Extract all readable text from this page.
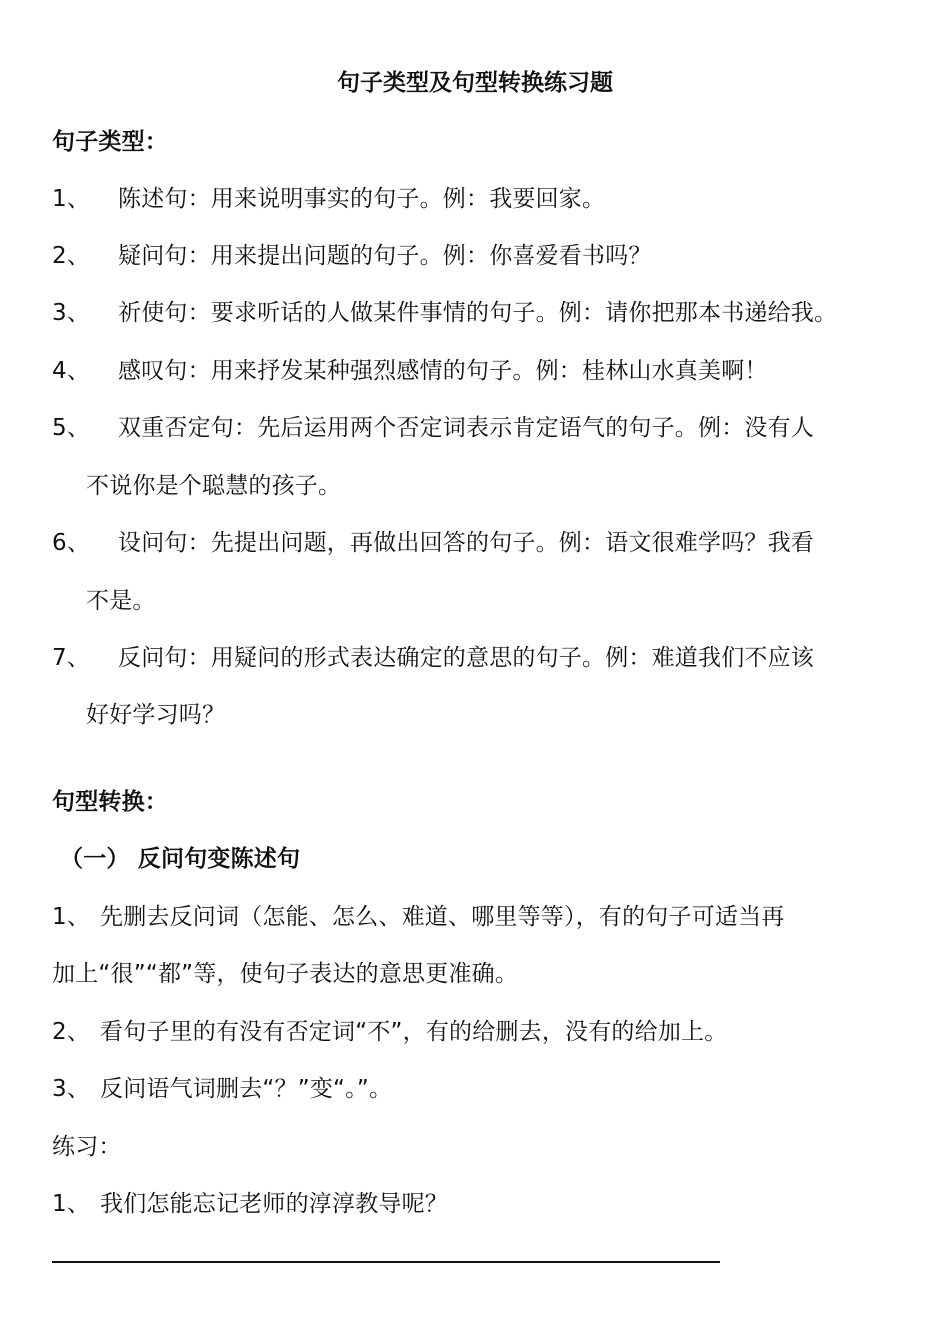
句子类型及句型转换练习题
句子类型：
1、 陈述句：用来说明事实的句子。例：我要回家。
2、 疑问句：用来提出问题的句子。例：你喜爱看书吗？
3、 祈使句：要求听话的人做某件事情的句子。例：请你把那本书递给我。
4、 感叹句：用来抒发某种强烈感情的句子。例：桂林山水真美啊！
5、 双重否定句：先后运用两个否定词表示肯定语气的句子。例：没有人
不说你是个聪慧的孩子。
6、 设问句：先提出问题，再做出回答的句子。例：语文很难学吗？我看
不是。
7、 反问句：用疑问的形式表达确定的意思的句子。例：难道我们不应该
好好学习吗？
句型转换：
（一） 反问句变陈述句
1、 先删去反问词（怎能、怎么、难道、哪里等等），有的句子可适当再
加上“很”“都”等，使句子表达的意思更准确。
2、 看句子里的有没有否定词“不”，有的给删去，没有的给加上。
3、 反问语气词删去“？”变“。”。
练习：
1、 我们怎能忘记老师的淳淳教导呢？
